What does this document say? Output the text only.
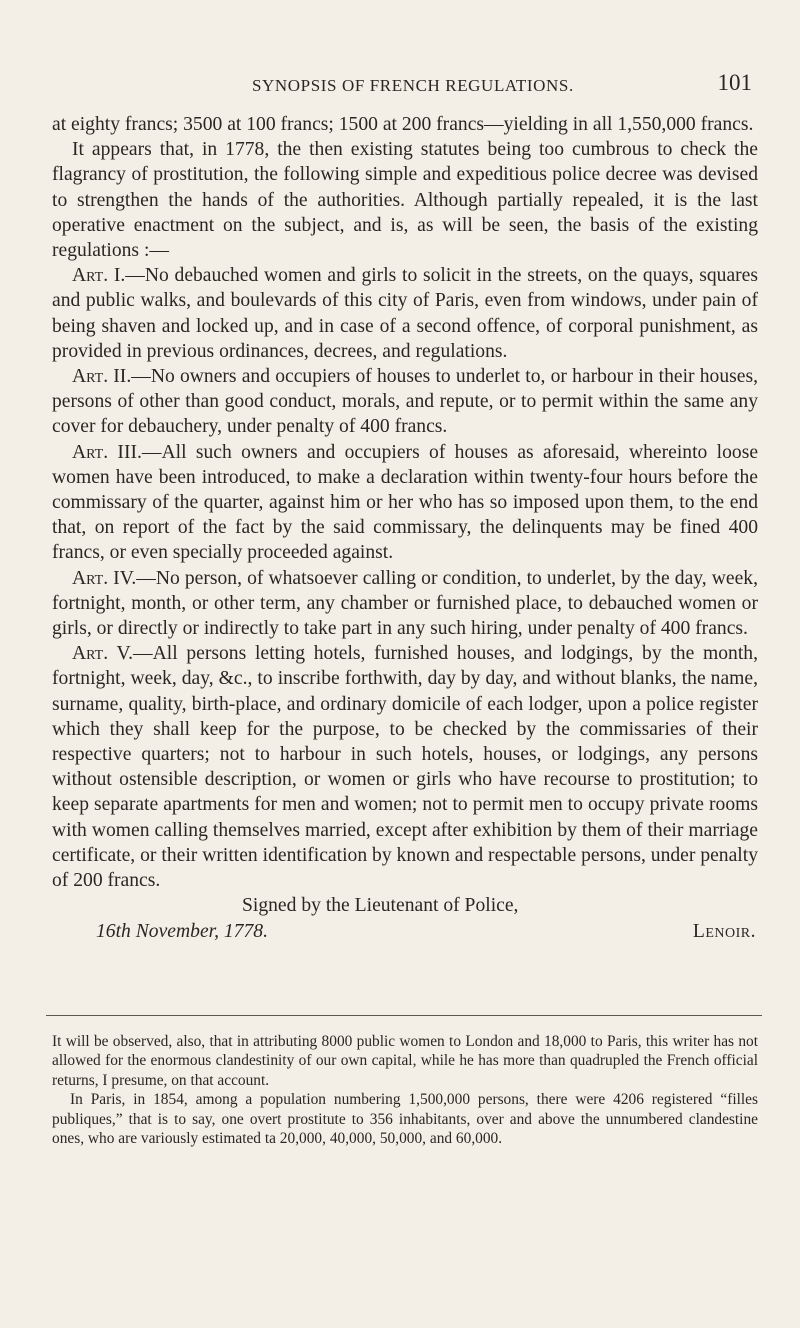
SYNOPSIS OF FRENCH REGULATIONS.	101

at eighty francs; 3500 at 100 francs; 1500 at 200 francs—yielding in all 1,550,000 francs.

It appears that, in 1778, the then existing statutes being too cumbrous to check the flagrancy of prostitution, the following simple and expeditious police decree was devised to strengthen the hands of the authorities. Although partially repealed, it is the last operative enactment on the subject, and is, as will be seen, the basis of the existing regulations :—

Art. I.—No debauched women and girls to solicit in the streets, on the quays, squares and public walks, and boulevards of this city of Paris, even from windows, under pain of being shaven and locked up, and in case of a second offence, of corporal punishment, as provided in previous ordinances, decrees, and regulations.

Art. II.—No owners and occupiers of houses to underlet to, or harbour in their houses, persons of other than good conduct, morals, and repute, or to permit within the same any cover for debauchery, under penalty of 400 francs.

Art. III.—All such owners and occupiers of houses as aforesaid, whereinto loose women have been introduced, to make a declaration within twenty-four hours before the commissary of the quarter, against him or her who has so imposed upon them, to the end that, on report of the fact by the said commissary, the delinquents may be fined 400 francs, or even specially proceeded against.

Art. IV.—No person, of whatsoever calling or condition, to underlet, by the day, week, fortnight, month, or other term, any chamber or furnished place, to debauched women or girls, or directly or indirectly to take part in any such hiring, under penalty of 400 francs.

Art. V.—All persons letting hotels, furnished houses, and lodgings, by the month, fortnight, week, day, &c., to inscribe forthwith, day by day, and without blanks, the name, surname, quality, birth-place, and ordinary domicile of each lodger, upon a police register which they shall keep for the purpose, to be checked by the commissaries of their respective quarters; not to harbour in such hotels, houses, or lodgings, any persons without ostensible description, or women or girls who have recourse to prostitution; to keep separate apartments for men and women; not to permit men to occupy private rooms with women calling themselves married, except after exhibition by them of their marriage certificate, or their written identification by known and respectable persons, under penalty of 200 francs.

Signed by the Lieutenant of Police,

16th November, 1778.	Lenoir.

It will be observed, also, that in attributing 8000 public women to London and 18,000 to Paris, this writer has not allowed for the enormous clandestinity of our own capital, while he has more than quadrupled the French official returns, I presume, on that account.

In Paris, in 1854, among a population numbering 1,500,000 persons, there were 4206 registered “filles publiques,” that is to say, one overt prostitute to 356 inhabitants, over and above the unnumbered clandestine ones, who are variously estimated ta 20,000, 40,000, 50,000, and 60,000.
